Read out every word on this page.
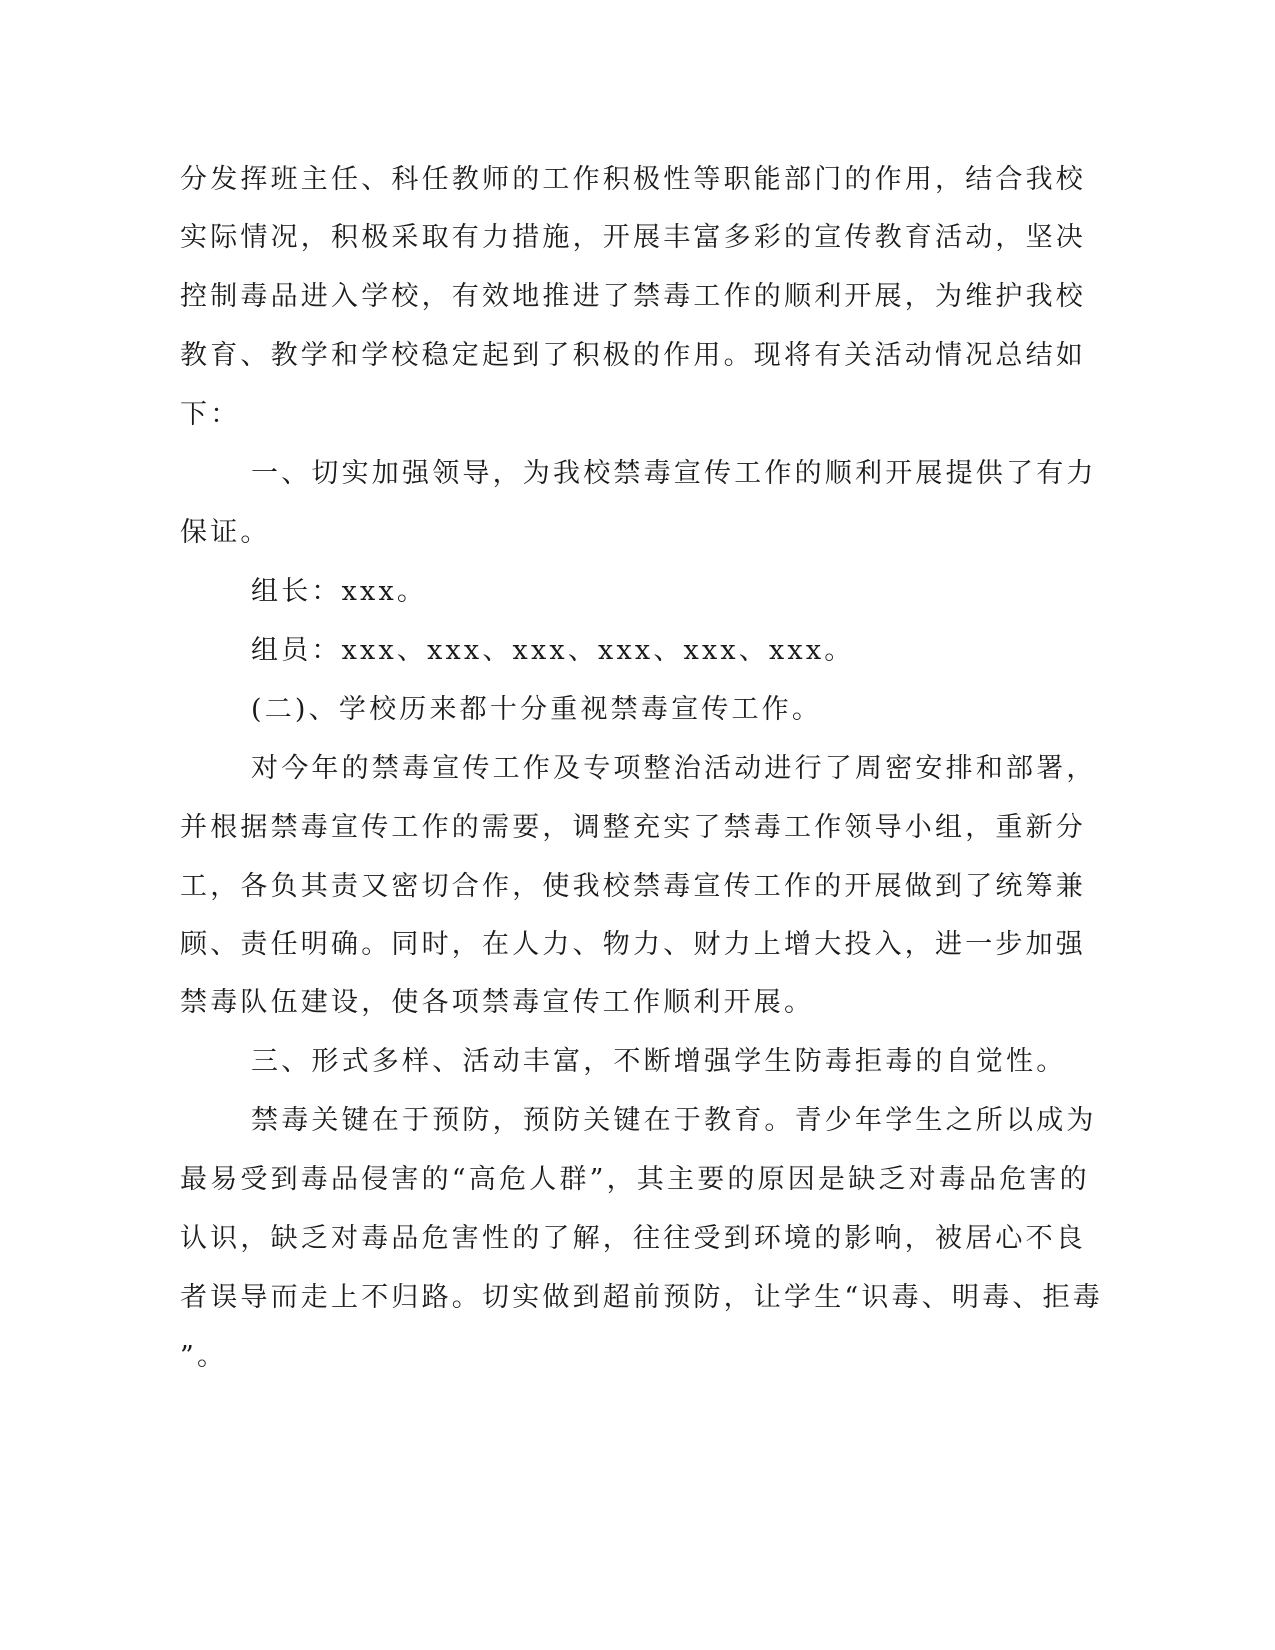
分发挥班主任、科任教师的工作积极性等职能部门的作用，结合我校
实际情况，积极采取有力措施，开展丰富多彩的宣传教育活动，坚决
控制毒品进入学校，有效地推进了禁毒工作的顺利开展，为维护我校
教育、教学和学校稳定起到了积极的作用。现将有关活动情况总结如
下：
一、切实加强领导，为我校禁毒宣传工作的顺利开展提供了有力
保证。
组长：xxx。
组员：xxx、xxx、xxx、xxx、xxx、xxx。
(二)、学校历来都十分重视禁毒宣传工作。
对今年的禁毒宣传工作及专项整治活动进行了周密安排和部署，
并根据禁毒宣传工作的需要，调整充实了禁毒工作领导小组，重新分
工，各负其责又密切合作，使我校禁毒宣传工作的开展做到了统筹兼
顾、责任明确。同时，在人力、物力、财力上增大投入，进一步加强
禁毒队伍建设，使各项禁毒宣传工作顺利开展。
三、形式多样、活动丰富，不断增强学生防毒拒毒的自觉性。
禁毒关键在于预防，预防关键在于教育。青少年学生之所以成为
最易受到毒品侵害的“高危人群”，其主要的原因是缺乏对毒品危害的
认识，缺乏对毒品危害性的了解，往往受到环境的影响，被居心不良
者误导而走上不归路。切实做到超前预防，让学生“识毒、明毒、拒毒
”。
